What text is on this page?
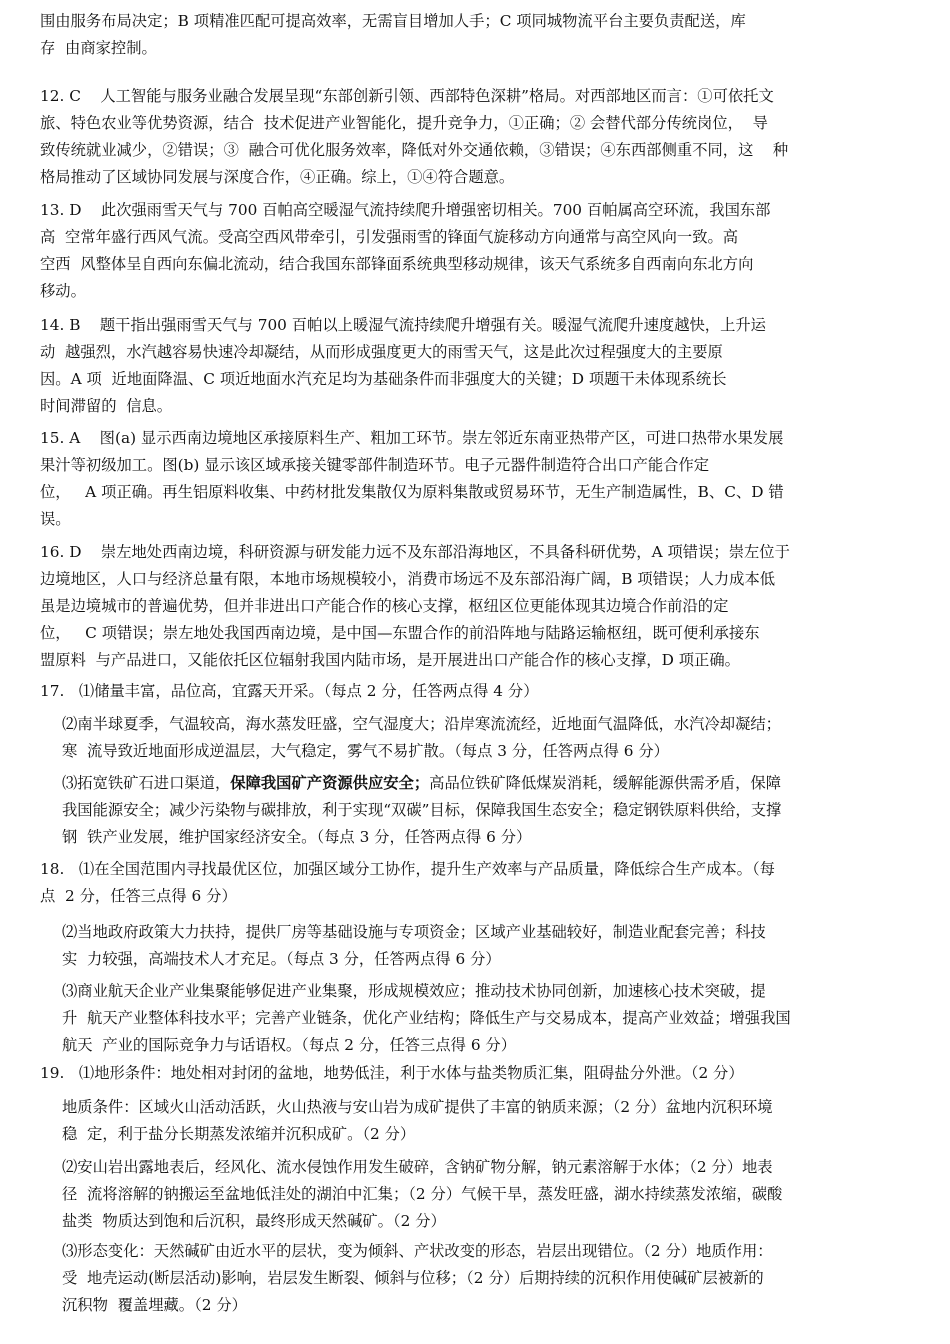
围由服务布局决定；B 项精准匹配可提高效率，无需盲目增加人手；C 项同城物流平台主要负责配送，库
存  由商家控制。

12. C    人工智能与服务业融合发展呈现“东部创新引领、西部特色深耕”格局。对西部地区而言：①可依托文
旅、特色农业等优势资源，结合  技术促进产业智能化，提升竞争力，①正确；② 会替代部分传统岗位，  导
致传统就业减少，②错误；③  融合可优化服务效率，降低对外交通依赖，③错误；④东西部侧重不同，这    种
格局推动了区域协同发展与深度合作，④正确。综上，①④符合题意。

13. D    此次强雨雪天气与 700 百帕高空暖湿气流持续爬升增强密切相关。700 百帕属高空环流，我国东部
高  空常年盛行西风气流。受高空西风带牵引，引发强雨雪的锋面气旋移动方向通常与高空风向一致。高
空西  风整体呈自西向东偏北流动，结合我国东部锋面系统典型移动规律，该天气系统多自西南向东北方向
移动。

14. B    题干指出强雨雪天气与 700 百帕以上暖湿气流持续爬升增强有关。暖湿气流爬升速度越快，上升运
动  越强烈，水汽越容易快速冷却凝结，从而形成强度更大的雨雪天气，这是此次过程强度大的主要原
因。A 项  近地面降温、C 项近地面水汽充足均为基础条件而非强度大的关键；D 项题干未体现系统长
时间滞留的  信息。

15. A    图(a) 显示西南边境地区承接原料生产、粗加工环节。崇左邻近东南亚热带产区，可进口热带水果发展
果汁等初级加工。图(b) 显示该区域承接关键零部件制造环节。电子元器件制造符合出口产能合作定
位，   A 项正确。再生铝原料收集、中药材批发集散仅为原料集散或贸易环节，无生产制造属性，B、C、D 错
误。

16. D    崇左地处西南边境，科研资源与研发能力远不及东部沿海地区，不具备科研优势，A 项错误；崇左位于
边境地区，人口与经济总量有限，本地市场规模较小，消费市场远不及东部沿海广阔，B 项错误；人力成本低
虽是边境城市的普遍优势，但并非进出口产能合作的核心支撑，枢纽区位更能体现其边境合作前沿的定
位，   C 项错误；崇左地处我国西南边境，是中国—东盟合作的前沿阵地与陆路运输枢纽，既可便利承接东
盟原料  与产品进口，又能依托区位辐射我国内陆市场，是开展进出口产能合作的核心支撑，D 项正确。

17.   ⑴储量丰富，品位高，宜露天开采。（每点 2 分，任答两点得 4 分）

⑵南半球夏季，气温较高，海水蒸发旺盛，空气湿度大；沿岸寒流流经，近地面气温降低，水汽冷却凝结；
寒  流导致近地面形成逆温层，大气稳定，雾气不易扩散。（每点 3 分，任答两点得 6 分）

⑶拓宽铁矿石进口渠道，保障我国矿产资源供应安全；高品位铁矿降低煤炭消耗，缓解能源供需矛盾，保障
我国能源安全；减少污染物与碳排放，利于实现“双碳”目标，保障我国生态安全；稳定钢铁原料供给，支撑
钢  铁产业发展，维护国家经济安全。（每点 3 分，任答两点得 6 分）

18.   ⑴在全国范围内寻找最优区位，加强区域分工协作，提升生产效率与产品质量，降低综合生产成本。（每
点  2 分，任答三点得 6 分）

⑵当地政府政策大力扶持，提供厂房等基础设施与专项资金；区域产业基础较好，制造业配套完善；科技
实  力较强，高端技术人才充足。（每点 3 分，任答两点得 6 分）

⑶商业航天企业产业集聚能够促进产业集聚，形成规模效应；推动技术协同创新，加速核心技术突破，提
升  航天产业整体科技水平；完善产业链条，优化产业结构；降低生产与交易成本，提高产业效益；增强我国
航天  产业的国际竞争力与话语权。（每点 2 分，任答三点得 6 分）

19.   ⑴地形条件：地处相对封闭的盆地，地势低洼，利于水体与盐类物质汇集，阻碍盐分外泄。（2 分）

地质条件：区域火山活动活跃，火山热液与安山岩为成矿提供了丰富的钠质来源；（2 分）盆地内沉积环境
稳  定，利于盐分长期蒸发浓缩并沉积成矿。（2 分）

⑵安山岩出露地表后，经风化、流水侵蚀作用发生破碎，含钠矿物分解，钠元素溶解于水体；（2 分）地表
径  流将溶解的钠搬运至盆地低洼处的湖泊中汇集；（2 分）气候干旱，蒸发旺盛，湖水持续蒸发浓缩，碳酸
盐类  物质达到饱和后沉积，最终形成天然碱矿。（2 分）

⑶形态变化：天然碱矿由近水平的层状，变为倾斜、产状改变的形态，岩层出现错位。（2 分）地质作用：
受  地壳运动(断层活动)影响，岩层发生断裂、倾斜与位移；（2 分）后期持续的沉积作用使碱矿层被新的
沉积物  覆盖埋藏。（2 分）
